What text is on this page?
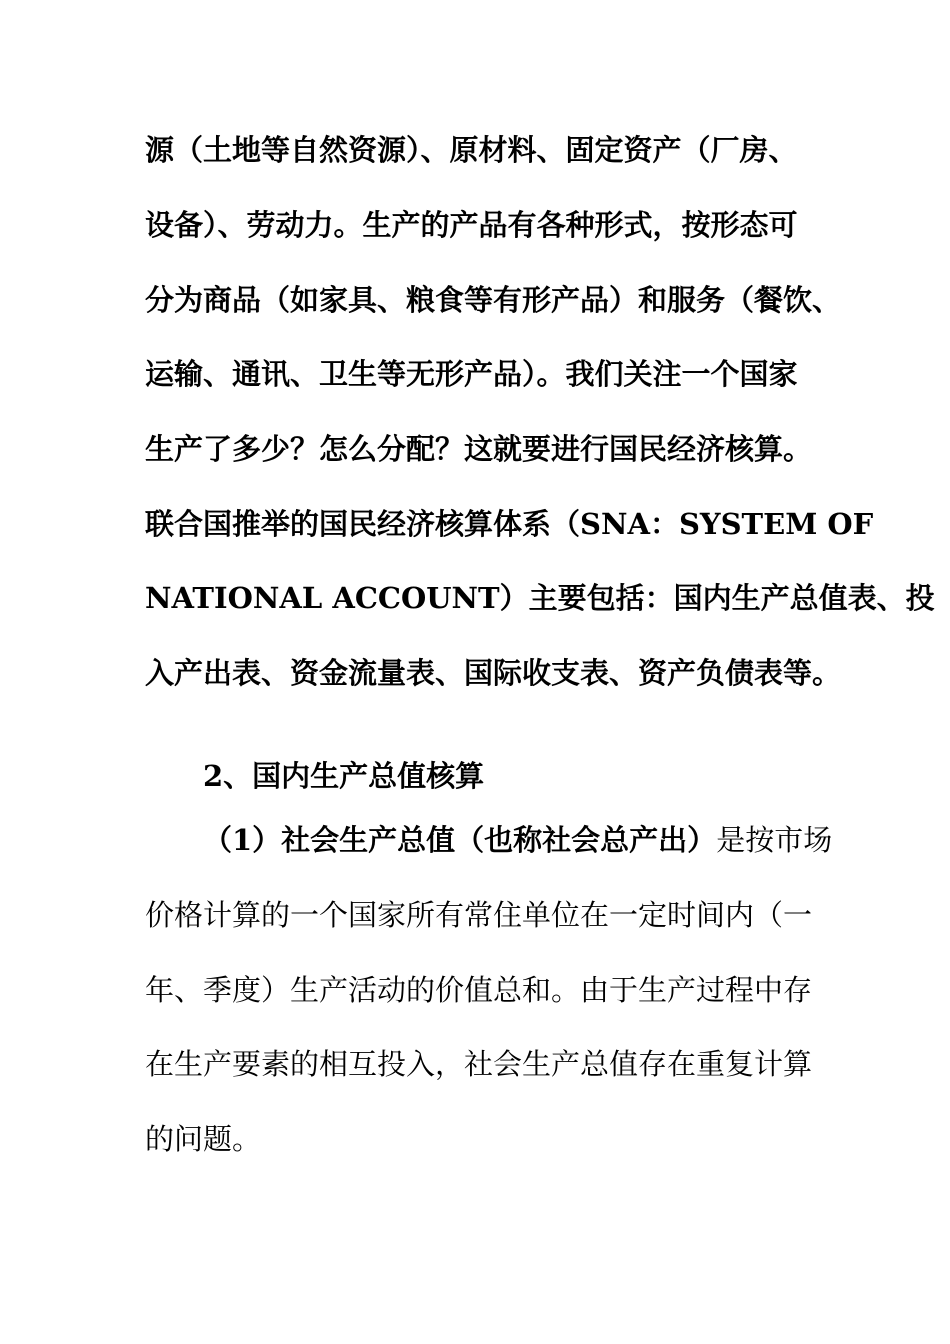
源（土地等自然资源）、原材料、固定资产（厂房、
设备）、劳动力。生产的产品有各种形式，按形态可
分为商品（如家具、粮食等有形产品）和服务（餐饮、
运输、通讯、卫生等无形产品）。我们关注一个国家
生产了多少？怎么分配？这就要进行国民经济核算。
联合国推举的国民经济核算体系（SNA：SYSTEM OF
NATIONAL ACCOUNT）主要包括：国内生产总值表、投
入产出表、资金流量表、国际收支表、资产负债表等。
2、国内生产总值核算
（1）社会生产总值（也称社会总产出）是按市场
价格计算的一个国家所有常住单位在一定时间内（一
年、季度）生产活动的价值总和。由于生产过程中存
在生产要素的相互投入，社会生产总值存在重复计算
的问题。
